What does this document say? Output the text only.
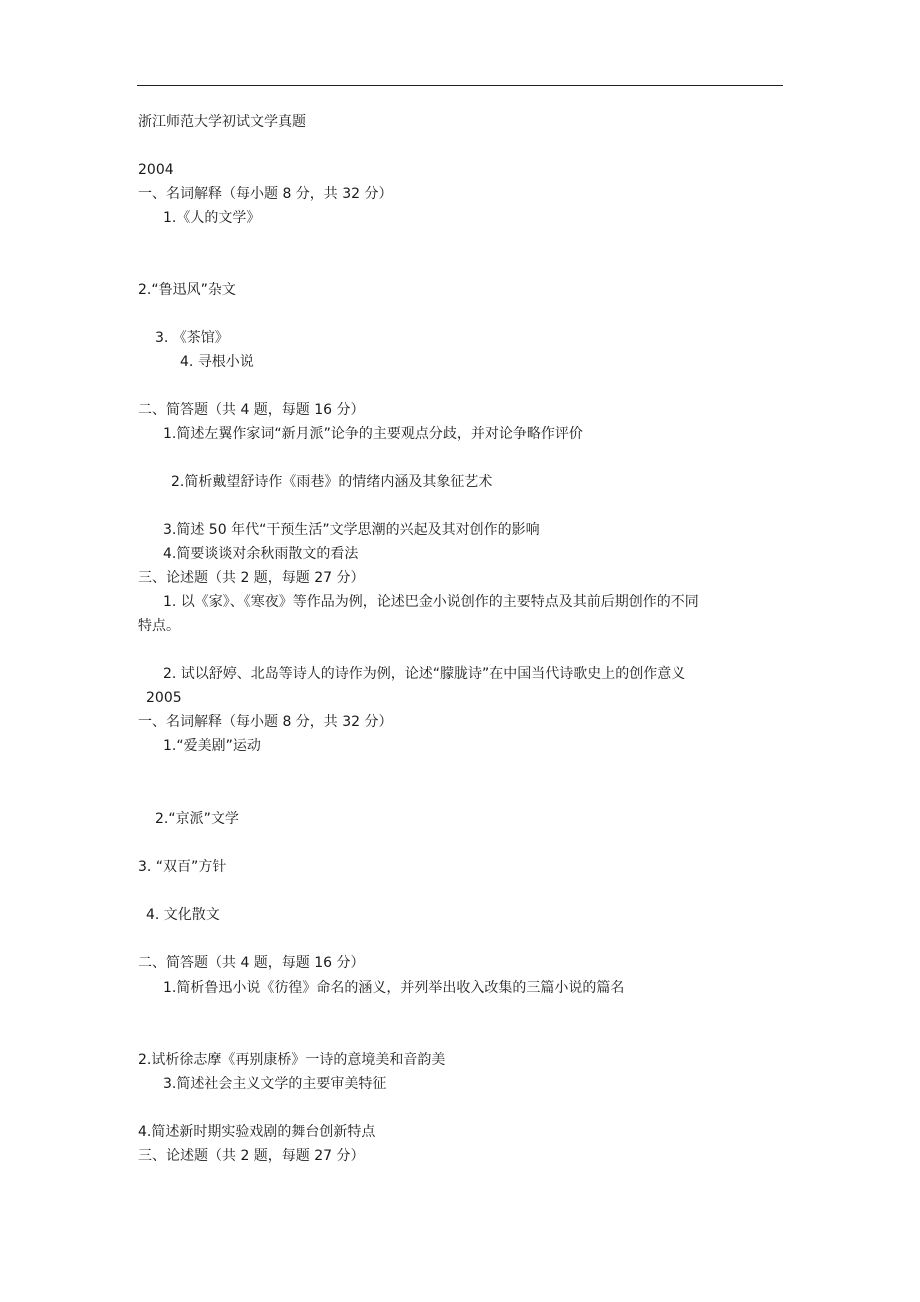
浙江师范大学初试文学真题
2004
一、名词解释（每小题 8 分，共 32 分）
1.《人的文学》
2.“鲁迅风”杂文
3. 《茶馆》
4. 寻根小说
二、简答题（共 4 题，每题 16 分）
1.简述左翼作家词“新月派”论争的主要观点分歧，并对论争略作评价
2.简析戴望舒诗作《雨巷》的情绪内涵及其象征艺术
3.简述 50 年代“干预生活”文学思潮的兴起及其对创作的影响
4.简要谈谈对余秋雨散文的看法
三、论述题（共 2 题，每题 27 分）
1. 以《家》、《寒夜》等作品为例，论述巴金小说创作的主要特点及其前后期创作的不同
特点。
2. 试以舒婷、北岛等诗人的诗作为例，论述“朦胧诗”在中国当代诗歌史上的创作意义
2005
一、名词解释（每小题 8 分，共 32 分）
1.“爱美剧”运动
2.“京派”文学
3. “双百”方针
4. 文化散文
二、简答题（共 4 题，每题 16 分）
1.简析鲁迅小说《彷徨》命名的涵义，并列举出收入改集的三篇小说的篇名
2.试析徐志摩《再别康桥》一诗的意境美和音韵美
3.简述社会主义文学的主要审美特征
4.简述新时期实验戏剧的舞台创新特点
三、论述题（共 2 题，每题 27 分）
